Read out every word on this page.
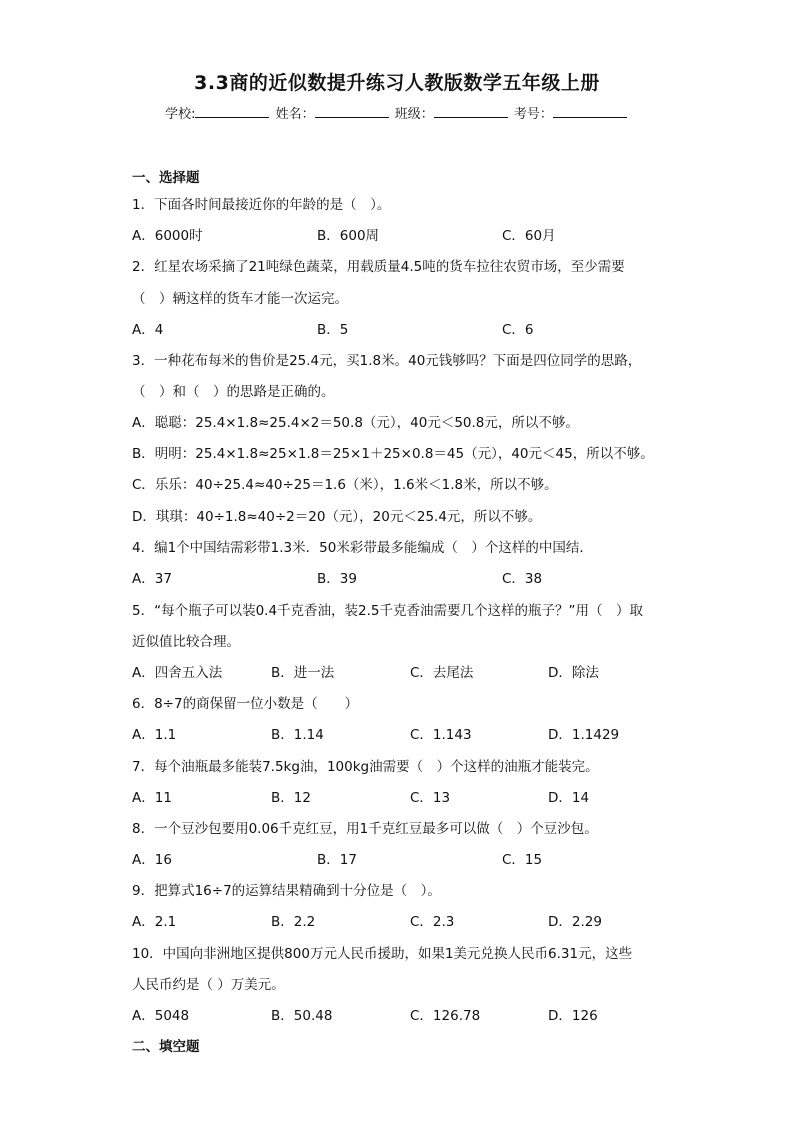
3.3商的近似数提升练习人教版数学五年级上册
学校:	姓名：	班级：	考号：
一、选择题
1．下面各时间最接近你的年龄的是（　）。
A．6000时	B．600周	C．60月
2．红星农场采摘了21吨绿色蔬菜，用载质量4.5吨的货车拉往农贸市场，至少需要
（　）辆这样的货车才能一次运完。
A．4	B．5	C．6
3．一种花布每米的售价是25.4元，买1.8米。40元钱够吗？下面是四位同学的思路，
（　）和（　）的思路是正确的。
A．聪聪：25.4×1.8≈25.4×2＝50.8（元），40元＜50.8元，所以不够。
B．明明：25.4×1.8≈25×1.8＝25×1＋25×0.8＝45（元），40元＜45，所以不够。
C．乐乐：40÷25.4≈40÷25＝1.6（米），1.6米＜1.8米，所以不够。
D．琪琪：40÷1.8≈40÷2＝20（元），20元＜25.4元，所以不够。
4．编1个中国结需彩带1.3米．50米彩带最多能编成（　）个这样的中国结．
A．37	B．39	C．38
5．“每个瓶子可以装0.4千克香油，装2.5千克香油需要几个这样的瓶子？”用（　）取
近似值比较合理。
A．四舍五入法	B．进一法	C．去尾法	D．除法
6．8÷7的商保留一位小数是（　　）
A．1.1	B．1.14	C．1.143	D．1.1429
7．每个油瓶最多能装7.5kg油，100kg油需要（　）个这样的油瓶才能装完。
A．11	B．12	C．13	D．14
8．一个豆沙包要用0.06千克红豆，用1千克红豆最多可以做（　）个豆沙包。
A．16	B．17	C．15
9．把算式16÷7的运算结果精确到十分位是（　）。
A．2.1	B．2.2	C．2.3	D．2.29
10．中国向非洲地区提供800万元人民币援助，如果1美元兑换人民币6.31元，这些
人民币约是（ ）万美元。
A．5048	B．50.48	C．126.78	D．126
二、填空题
